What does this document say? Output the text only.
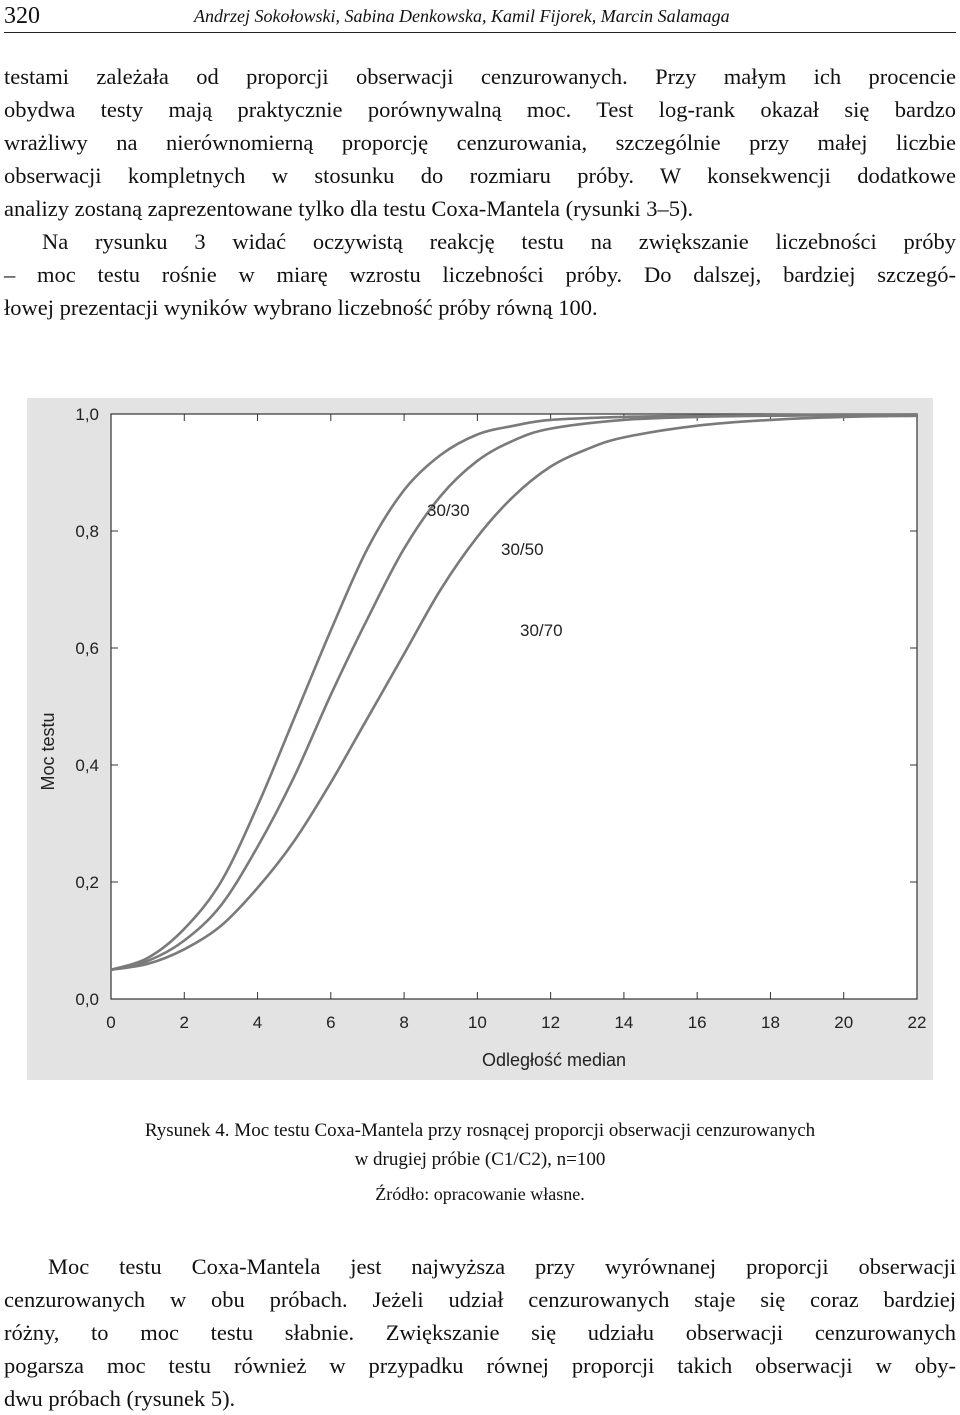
320	Andrzej Sokołowski, Sabina Denkowska, Kamil Fijorek, Marcin Salamaga
testami zależała od proporcji obserwacji cenzurowanych. Przy małym ich procencie
obydwa testy mają praktycznie porównywalną moc. Test log-rank okazał się bardzo
wrażliwy na nierównomierną proporcję cenzurowania, szczególnie przy małej liczbie
obserwacji kompletnych w stosunku do rozmiaru próby. W konsekwencji dodatkowe
analizy zostaną zaprezentowane tylko dla testu Coxa-Mantela (rysunki 3–5).
Na rysunku 3 widać oczywistą reakcję testu na zwiększanie liczebności próby
– moc testu rośnie w miarę wzrostu liczebności próby. Do dalszej, bardziej szczegó-
łowej prezentacji wyników wybrano liczebność próby równą 100.
0,0
0,2
0,4
0,6
0,8
1,0
0	2	4	6	8	10	12	14	16	18	20	22
Odległość median
Moc testu
30/30
30/50
30/70
Rysunek 4. Moc testu Coxa-Mantela przy rosnącej proporcji obserwacji cenzurowanych
w drugiej próbie (C1/C2), n=100
Źródło: opracowanie własne.
Moc testu Coxa-Mantela jest najwyższa przy wyrównanej proporcji obserwacji
cenzurowanych w obu próbach. Jeżeli udział cenzurowanych staje się coraz bardziej
różny, to moc testu słabnie. Zwiększanie się udziału obserwacji cenzurowanych
pogarsza moc testu również w przypadku równej proporcji takich obserwacji w oby-
dwu próbach (rysunek 5).
